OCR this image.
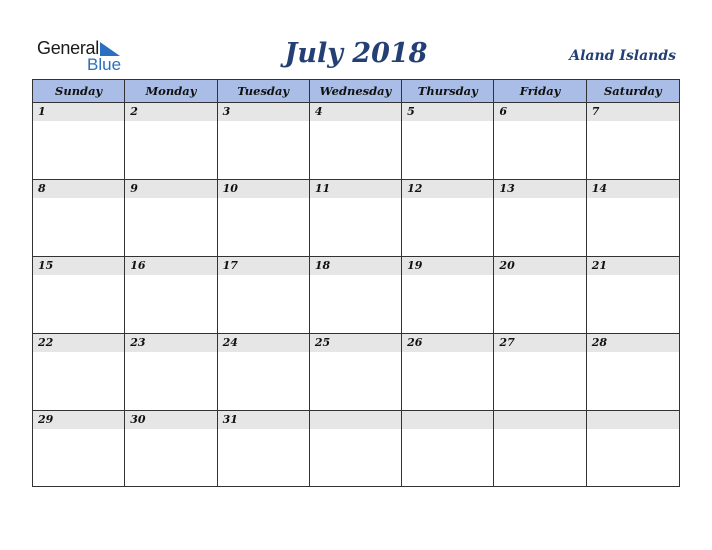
General
Blue	July 2018	Aland Islands
Sunday	Monday	Tuesday	Wednesday	Thursday	Friday	Saturday
1	2	3	4	5	6	7
8	9	10	11	12	13	14
15	16	17	18	19	20	21
22	23	24	25	26	27	28
29	30	31
